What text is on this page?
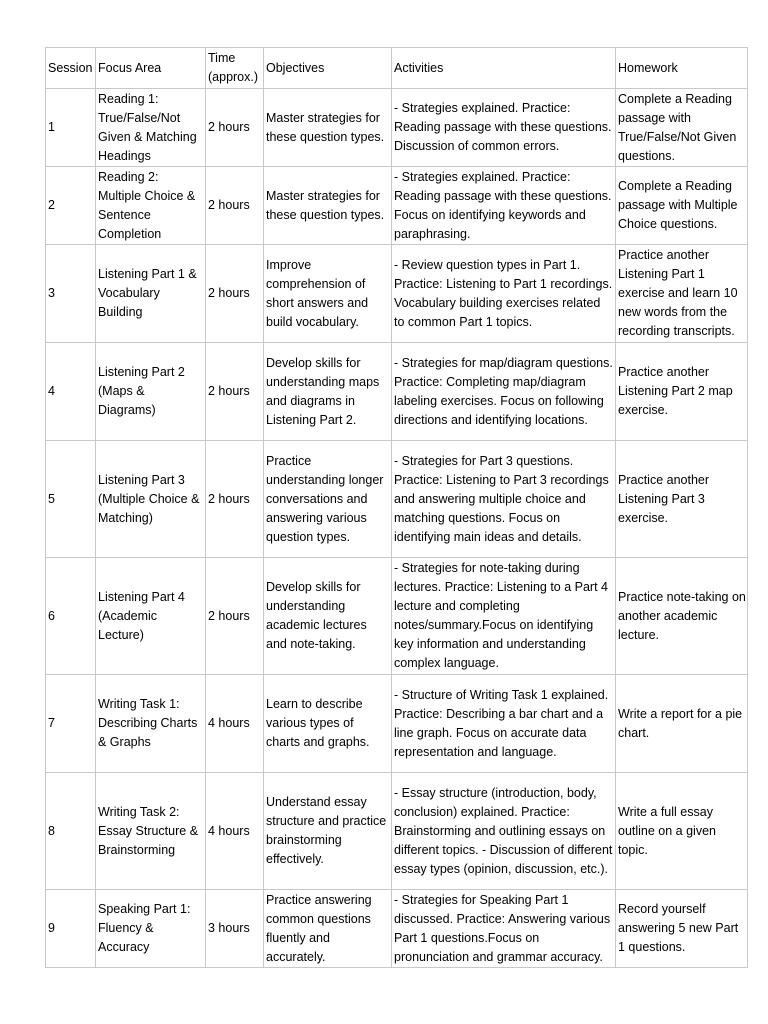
Session	Focus Area	Time (approx.)	Objectives	Activities	Homework
1	Reading 1: True/False/Not Given & Matching Headings	2 hours	Master strategies for these question types.	- Strategies explained. Practice: Reading passage with these questions. Discussion of common errors.	Complete a Reading passage with True/False/Not Given questions.
2	Reading 2: Multiple Choice & Sentence Completion	2 hours	Master strategies for these question types.	- Strategies explained. Practice: Reading passage with these questions. Focus on identifying keywords and paraphrasing.	Complete a Reading passage with Multiple Choice questions.
3	Listening Part 1 & Vocabulary Building	2 hours	Improve comprehension of short answers and build vocabulary.	- Review question types in Part 1. Practice: Listening to Part 1 recordings. Vocabulary building exercises related to common Part 1 topics.	Practice another Listening Part 1 exercise and learn 10 new words from the recording transcripts.
4	Listening Part 2 (Maps & Diagrams)	2 hours	Develop skills for understanding maps and diagrams in Listening Part 2.	- Strategies for map/diagram questions. Practice: Completing map/diagram labeling exercises. Focus on following directions and identifying locations.	Practice another Listening Part 2 map exercise.
5	Listening Part 3 (Multiple Choice & Matching)	2 hours	Practice understanding longer conversations and answering various question types.	- Strategies for Part 3 questions. Practice: Listening to Part 3 recordings and answering multiple choice and matching questions. Focus on identifying main ideas and details.	Practice another Listening Part 3 exercise.
6	Listening Part 4 (Academic Lecture)	2 hours	Develop skills for understanding academic lectures and note-taking.	- Strategies for note-taking during lectures. Practice: Listening to a Part 4 lecture and completing notes/summary.Focus on identifying key information and understanding complex language.	Practice note-taking on another academic lecture.
7	Writing Task 1: Describing Charts & Graphs	4 hours	Learn to describe various types of charts and graphs.	- Structure of Writing Task 1 explained. Practice: Describing a bar chart and a line graph. Focus on accurate data representation and language.	Write a report for a pie chart.
8	Writing Task 2: Essay Structure & Brainstorming	4 hours	Understand essay structure and practice brainstorming effectively.	- Essay structure (introduction, body, conclusion) explained. Practice: Brainstorming and outlining essays on different topics. - Discussion of different essay types (opinion, discussion, etc.).	Write a full essay outline on a given topic.
9	Speaking Part 1: Fluency & Accuracy	3 hours	Practice answering common questions fluently and accurately.	- Strategies for Speaking Part 1 discussed. Practice: Answering various Part 1 questions.Focus on pronunciation and grammar accuracy.	Record yourself answering 5 new Part 1 questions.
